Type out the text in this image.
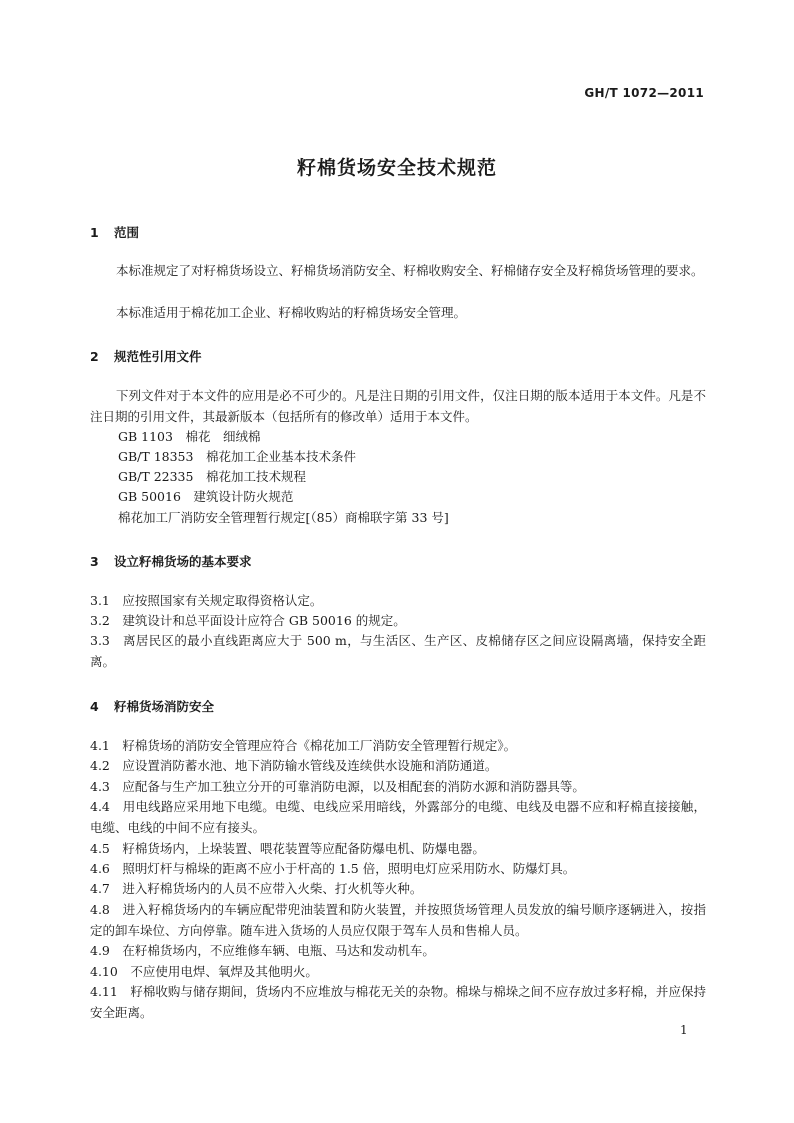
GH/T 1072—2011
籽棉货场安全技术规范
1 范围
本标准规定了对籽棉货场设立、籽棉货场消防安全、籽棉收购安全、籽棉储存安全及籽棉货场管理的要求。
本标准适用于棉花加工企业、籽棉收购站的籽棉货场安全管理。
2 规范性引用文件
下列文件对于本文件的应用是必不可少的。凡是注日期的引用文件，仅注日期的版本适用于本文件。凡是不注日期的引用文件，其最新版本（包括所有的修改单）适用于本文件。
GB 1103　棉花　细绒棉
GB/T 18353　棉花加工企业基本技术条件
GB/T 22335　棉花加工技术规程
GB 50016　建筑设计防火规范
棉花加工厂消防安全管理暂行规定[（85）商棉联字第 33 号]
3 设立籽棉货场的基本要求
3.1　 应按照国家有关规定取得资格认定。
3.2　 建筑设计和总平面设计应符合 GB 50016 的规定。
3.3　 离居民区的最小直线距离应大于 500 m，与生活区、生产区、皮棉储存区之间应设隔离墙，保持安全距离。
4 籽棉货场消防安全
4.1　 籽棉货场的消防安全管理应符合《棉花加工厂消防安全管理暂行规定》。
4.2　 应设置消防蓄水池、地下消防输水管线及连续供水设施和消防通道。
4.3　 应配备与生产加工独立分开的可靠消防电源，以及相配套的消防水源和消防器具等。
4.4　 用电线路应采用地下电缆。电缆、电线应采用暗线，外露部分的电缆、电线及电器不应和籽棉直接接触，电缆、电线的中间不应有接头。
4.5　 籽棉货场内，上垛装置、喂花装置等应配备防爆电机、防爆电器。
4.6　 照明灯杆与棉垛的距离不应小于杆高的 1.5 倍，照明电灯应采用防水、防爆灯具。
4.7　 进入籽棉货场内的人员不应带入火柴、打火机等火种。
4.8　 进入籽棉货场内的车辆应配带兜油装置和防火装置，并按照货场管理人员发放的编号顺序逐辆进入，按指定的卸车垛位、方向停靠。随车进入货场的人员应仅限于驾车人员和售棉人员。
4.9　 在籽棉货场内，不应维修车辆、电瓶、马达和发动机车。
4.10　 不应使用电焊、氧焊及其他明火。
4.11　 籽棉收购与储存期间，货场内不应堆放与棉花无关的杂物。棉垛与棉垛之间不应存放过多籽棉，并应保持安全距离。
1
